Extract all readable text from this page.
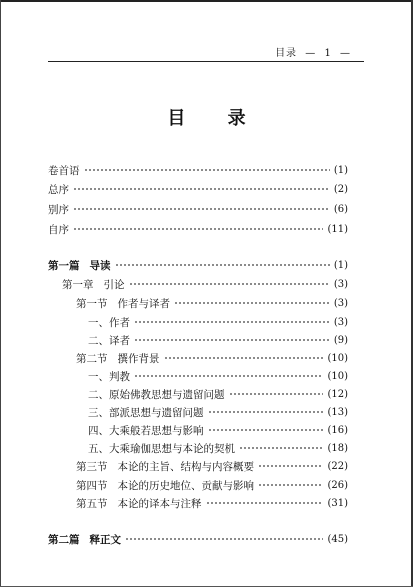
目录 — 1 —
目 录
卷首语	(1)
总序	(2)
别序	(6)
自序	(11)
第一篇 导读	(1)
第一章 引论	(3)
第一节 作者与译者	(3)
一、作者	(3)
二、译者	(9)
第二节 撰作背景	(10)
一、判教	(10)
二、原始佛教思想与遗留问题	(12)
三、部派思想与遗留问题	(13)
四、大乘般若思想与影响	(16)
五、大乘瑜伽思想与本论的契机	(18)
第三节 本论的主旨、结构与内容概要	(22)
第四节 本论的历史地位、贡献与影响	(26)
第五节 本论的译本与注释	(31)
第二篇 释正文	(45)
